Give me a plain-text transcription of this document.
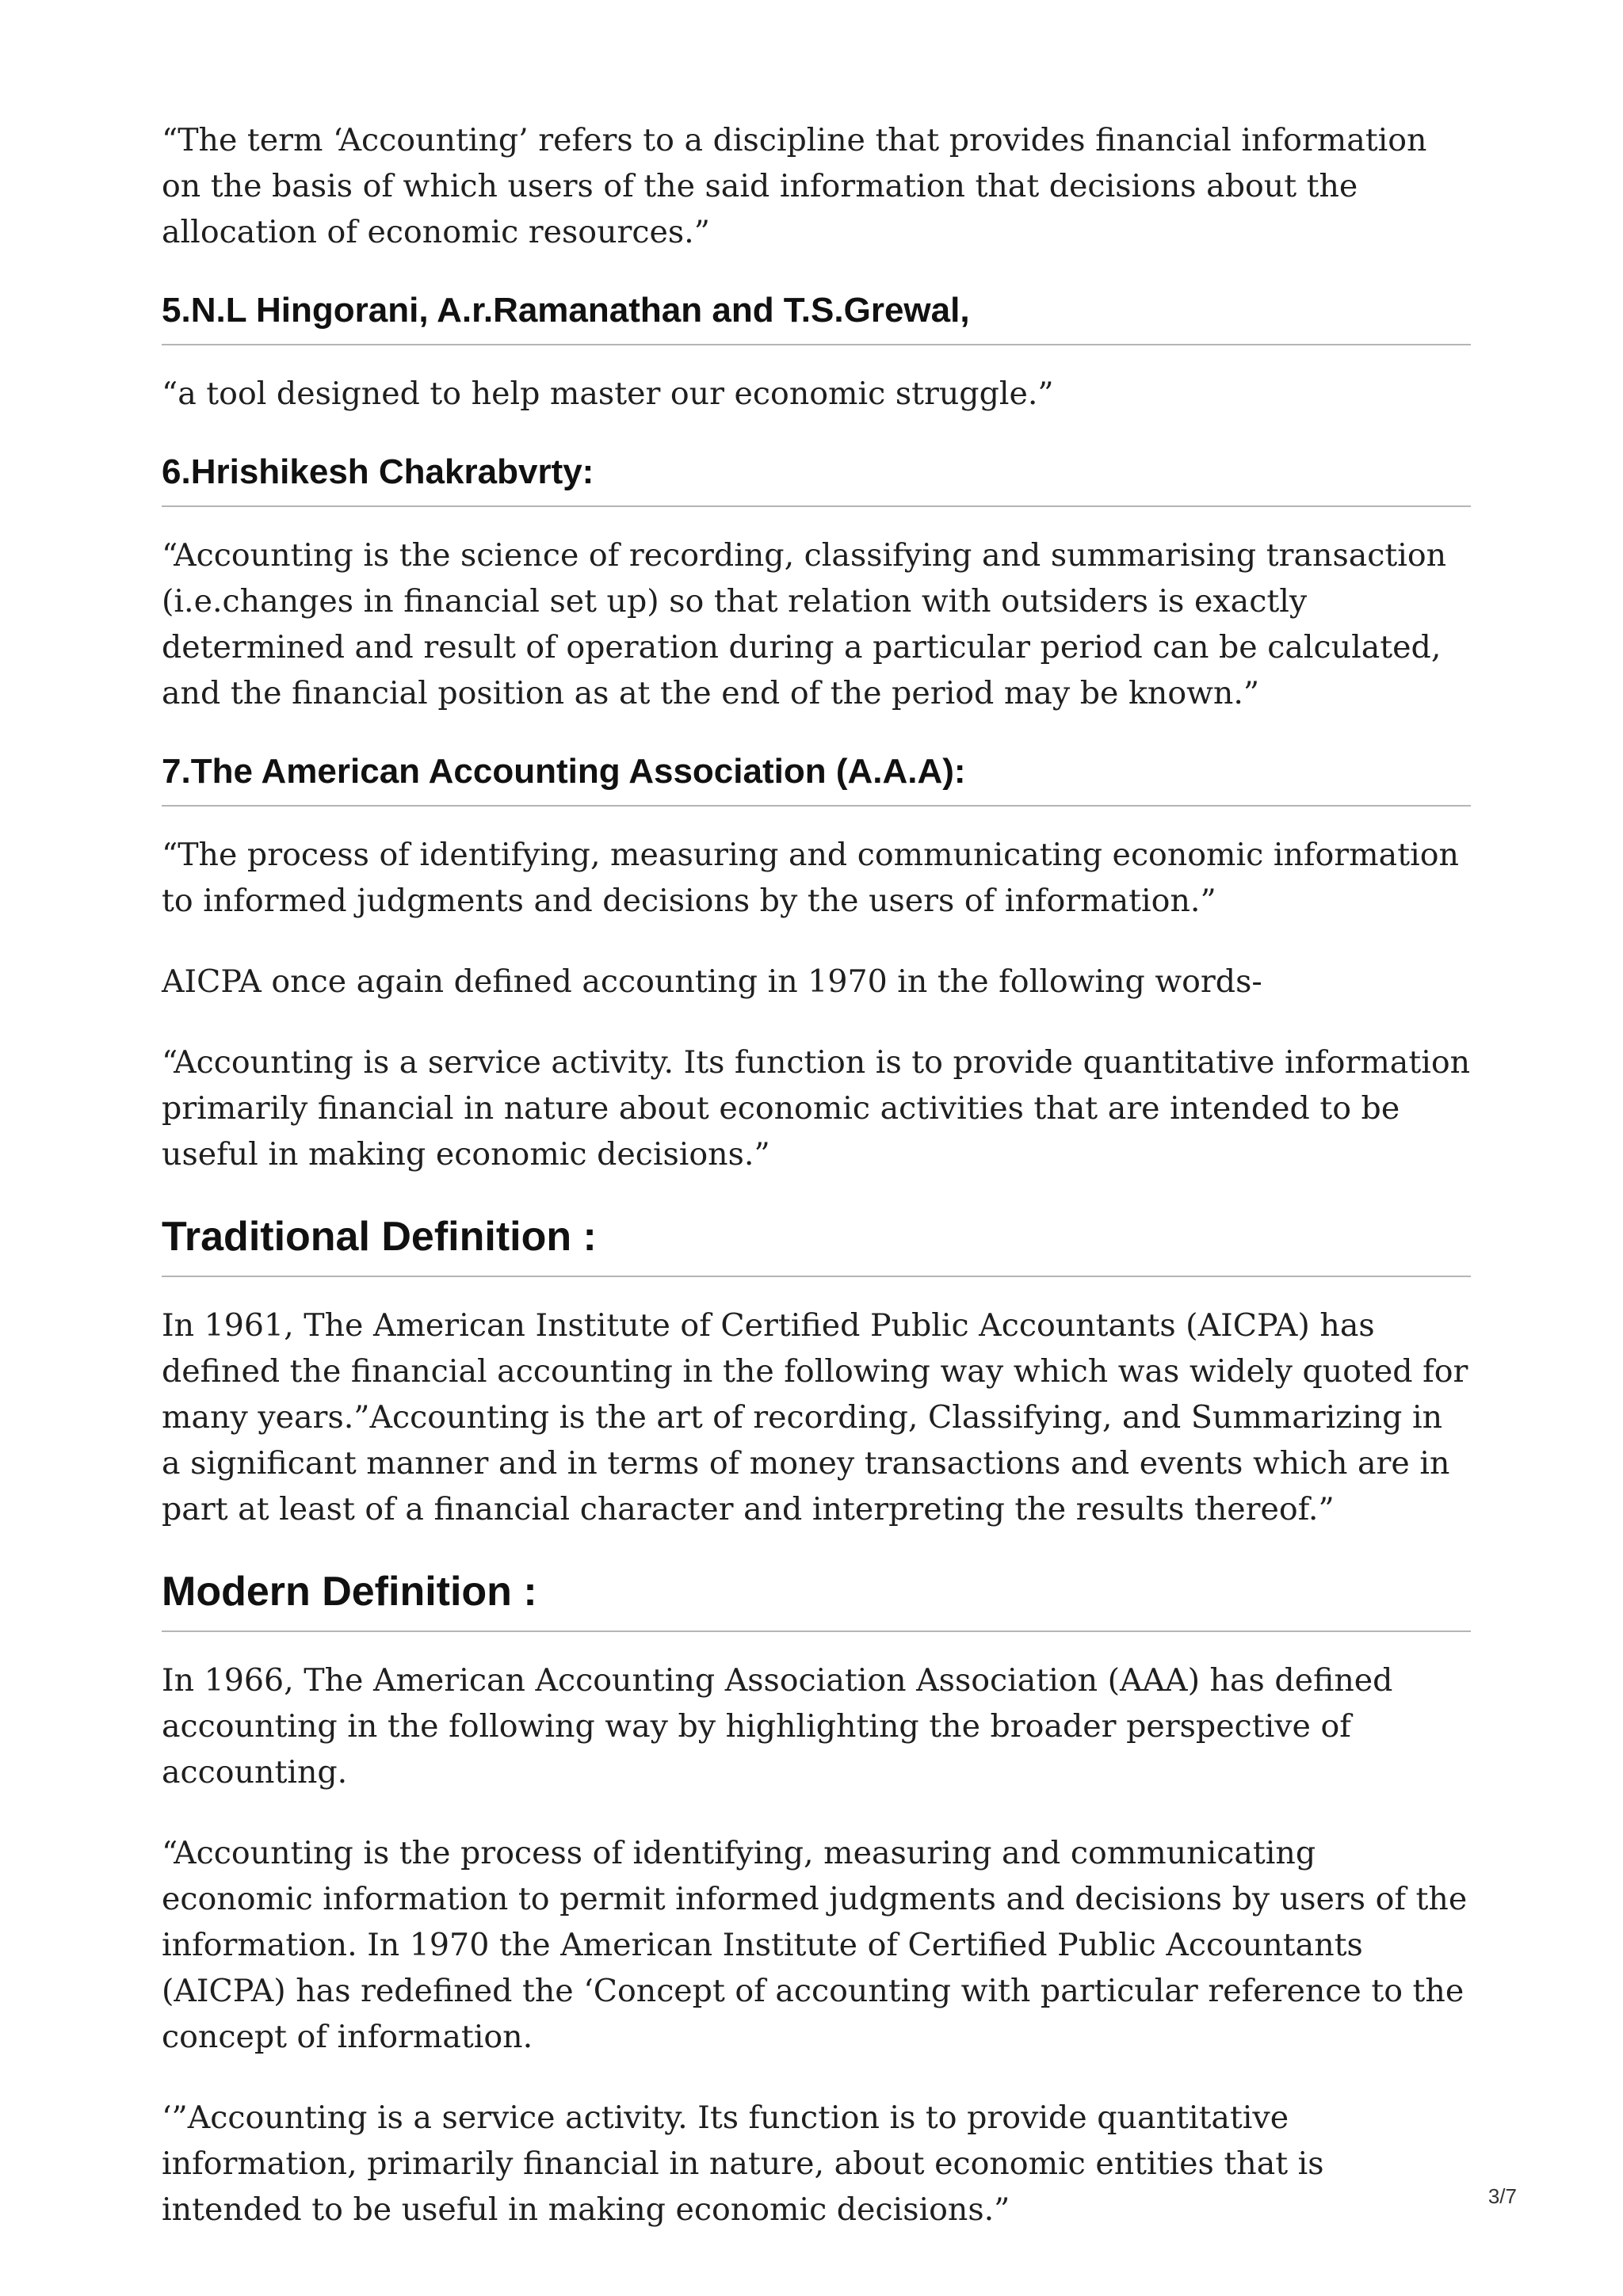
“The term ‘Accounting’ refers to a discipline that provides financial information on the basis of which users of the said information that decisions about the allocation of economic resources.”

5.N.L Hingorani, A.r.Ramanathan and T.S.Grewal,

“a tool designed to help master our economic struggle.”

6.Hrishikesh Chakrabvrty:

“Accounting is the science of recording, classifying and summarising transaction (i.e.changes in financial set up) so that relation with outsiders is exactly determined and result of operation during a particular period can be calculated, and the financial position as at the end of the period may be known.”

7.The American Accounting Association (A.A.A):

“The process of identifying, measuring and communicating economic information to informed judgments and decisions by the users of information.”

AICPA once again defined accounting in 1970 in the following words-

“Accounting is a service activity. Its function is to provide quantitative information primarily financial in nature about economic activities that are intended to be useful in making economic decisions.”

Traditional Definition :

In 1961, The American Institute of Certified Public Accountants (AICPA) has defined the financial accounting in the following way which was widely quoted for many years.”Accounting is the art of recording, Classifying, and Summarizing in a significant manner and in terms of money transactions and events which are in part at least of a financial character and interpreting the results thereof.”

Modern Definition :

In 1966, The American Accounting Association Association (AAA) has defined accounting in the following way by highlighting the broader perspective of accounting.

“Accounting is the process of identifying, measuring and communicating economic information to permit informed judgments and decisions by users of the information. In 1970 the American Institute of Certified Public Accountants (AICPA) has redefined the ‘Concept of accounting with particular reference to the concept of information.

‘”Accounting is a service activity. Its function is to provide quantitative information, primarily financial in nature, about economic entities that is intended to be useful in making economic decisions.”	3/7
